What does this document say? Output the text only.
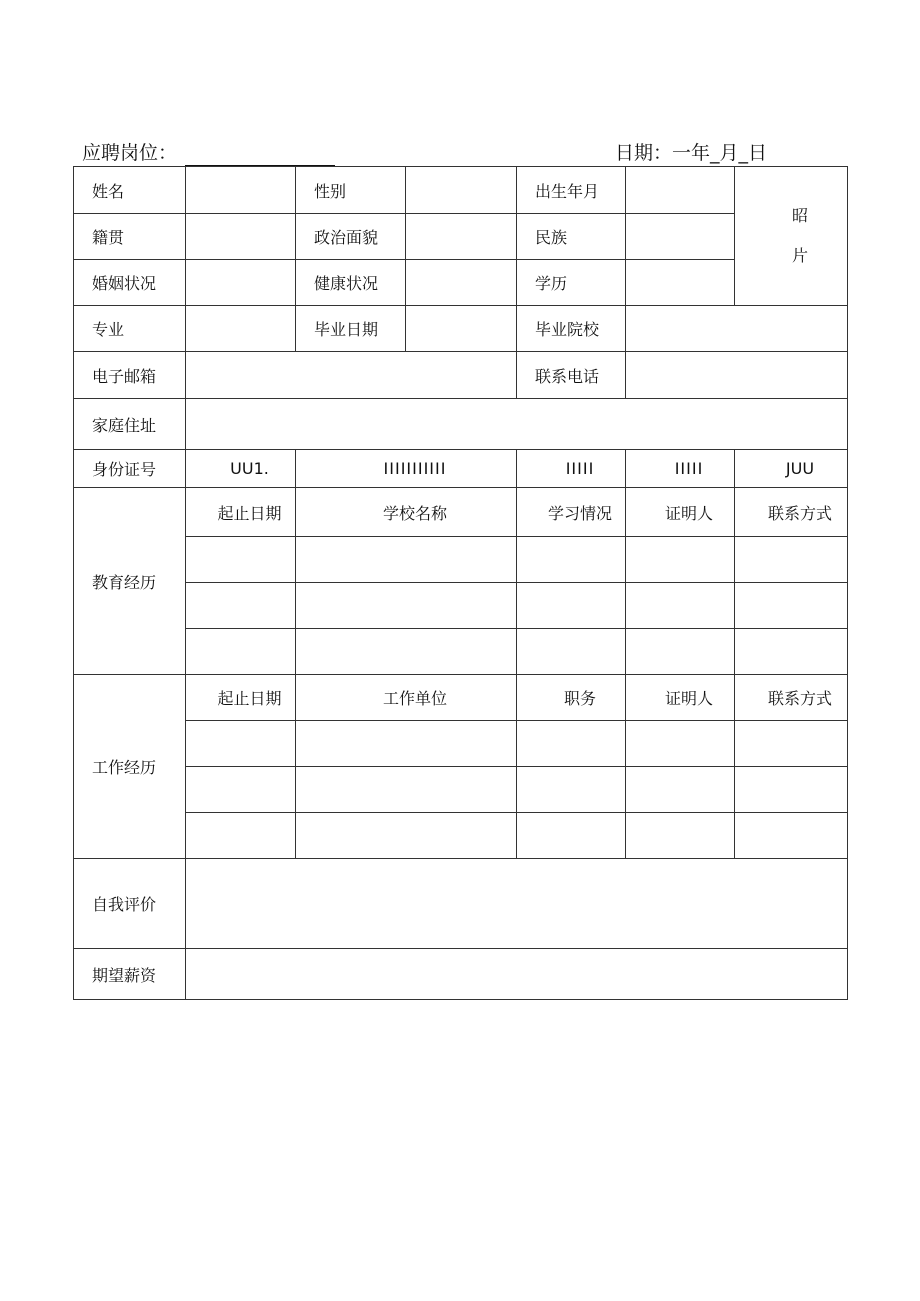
应聘岗位：	日期：一年_月_日
姓名		性别		出生年月		昭
片

籍贯		政治面貌		民族		
婚姻状况		健康状况		学历		
专业		毕业日期		毕业院校		
电子邮箱				联系电话		
家庭住址						
身份证号	UU1.	IIIIIIIIIII		IIIII	IIIII	JUU
教育经历	起止日期	学校名称		学习情况	证明人	联系方式

工作经历	起止日期	工作单位		职务	证明人	联系方式

自我评价						
期望薪资						
